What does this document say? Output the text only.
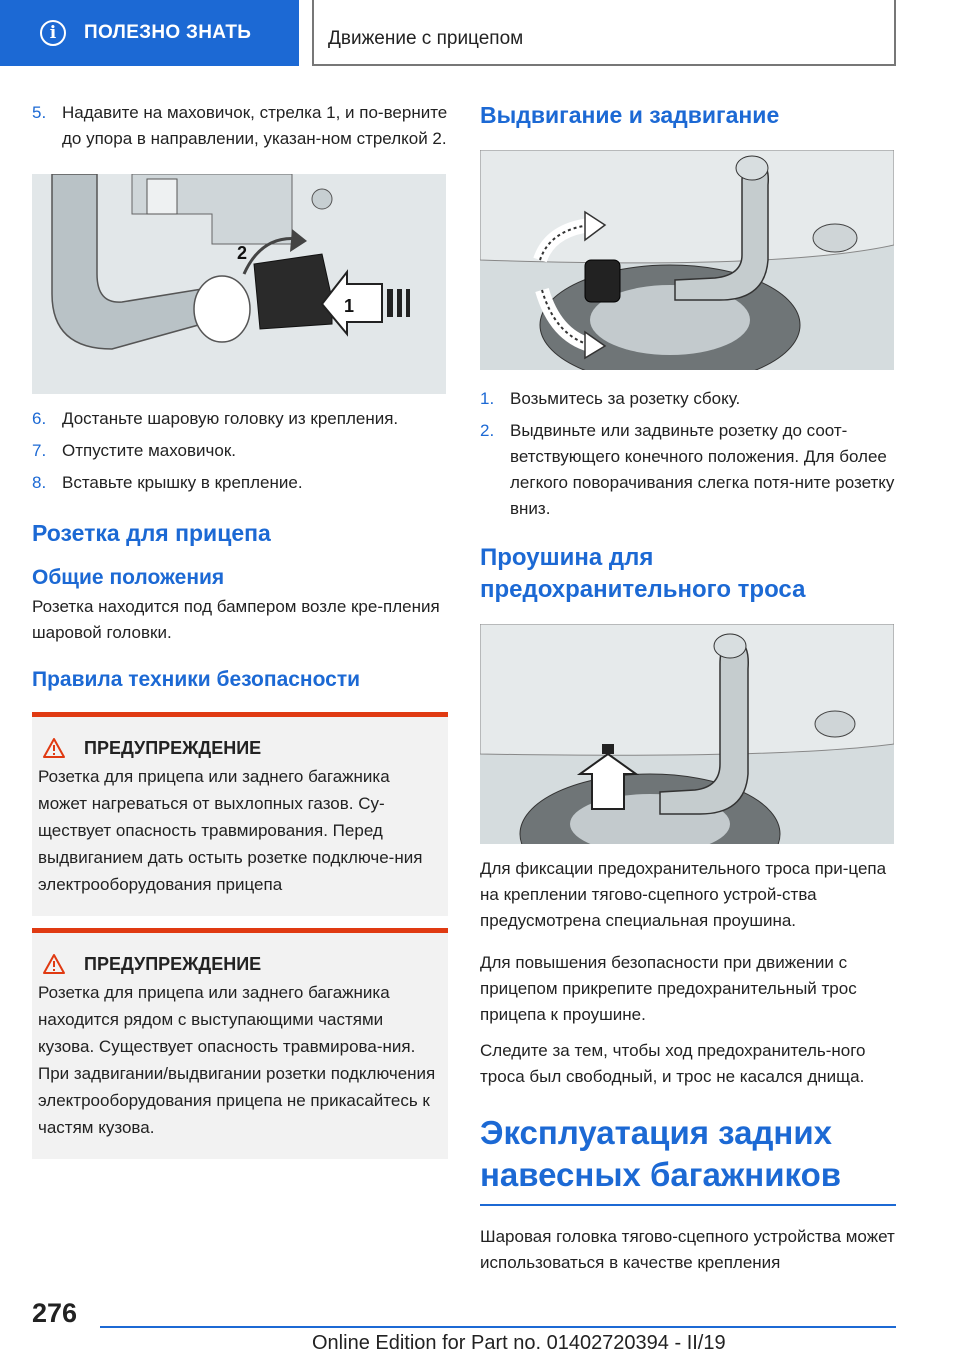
i	ПОЛЕЗНО ЗНАТЬ	Движение с прицепом
5. Надавите на маховичок, стрелка 1, и по-верните до упора в направлении, указан-ном стрелкой 2.
1
2
6. Достаньте шаровую головку из крепления.
7. Отпустите маховичок.
8. Вставьте крышку в крепление.
Розетка для прицепа
Общие положения

Розетка находится под бампером возле кре-пления шаровой головки.

Правила техники безопасности
ПРЕДУПРЕЖДЕНИЕ
Розетка для прицепа или заднего багажника может нагреваться от выхлопных газов. Су-ществует опасность травмирования. Перед выдвиганием дать остыть розетке подключе-ния электрооборудования прицепа
ПРЕДУПРЕЖДЕНИЕ
Розетка для прицепа или заднего багажника находится рядом с выступающими частями кузова. Существует опасность травмирова-ния. При задвигании/выдвигании розетки подключения электрооборудования прицепа не прикасайтесь к частям кузова.
Выдвигание и задвигание
1. Возьмитесь за розетку сбоку.
2. Выдвиньте или задвиньте розетку до соот-ветствующего конечного положения. Для более легкого поворачивания слегка потя-ните розетку вниз.
Проушина для предохранительного троса

Для фиксации предохранительного троса при-цепа на креплении тягово-сцепного устрой-ства предусмотрена специальная проушина.

Для повышения безопасности при движении с прицепом прикрепите предохранительный трос прицепа к проушине.

Следите за тем, чтобы ход предохранитель-ного троса был свободный, и трос не касался днища.

Эксплуатация задних навесных багажников

Шаровая головка тягово-сцепного устройства может использоваться в качестве крепления

276
Online Edition for Part no. 01402720394 - II/19
